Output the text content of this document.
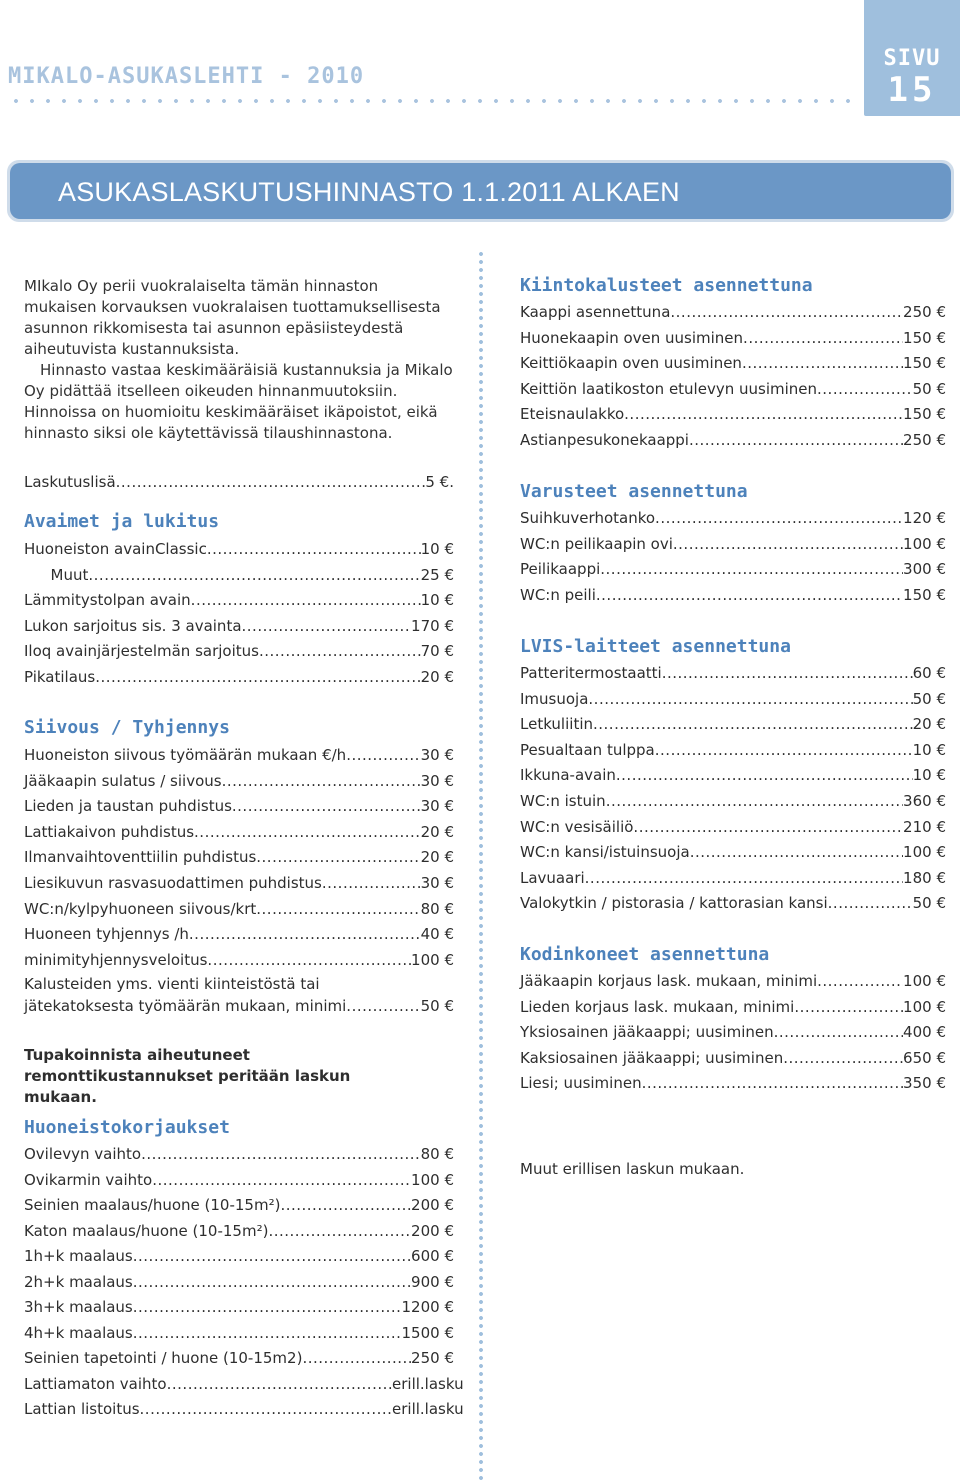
MIKALO-ASUKASLEHTI - 2010
SIVU
15
ASUKASLASKUTUSHINNASTO 1.1.2011 ALKAEN

MIkalo Oy perii vuokralaiselta tämän hinnaston mukaisen korvauksen vuokralaisen tuottamuksellisesta asunnon rikkomisesta tai asunnon epäsiisteydestä aiheutuvista kustannuksista.

Hinnasto vastaa keskimääräisiä kustannuksia ja Mikalo Oy pidättää itselleen oikeuden hinnanmuutoksiin. Hinnoissa on huomioitu keskimääräiset ikäpoistot, eikä hinnasto siksi ole käytettävissä tilaushinnastona.

Laskutuslisä .....	5 €.
Avaimet ja lukitus
Huoneiston avain Classic .....	10 €
Muut .....	25 €
Lämmitystolpan avain .....	10 €
Lukon sarjoitus sis. 3 avainta .....	170 €
Iloq avainjärjestelmän sarjoitus .....	70 €
Pikatilaus .....	20 €
Siivous / Tyhjennys
Huoneiston siivous työmäärän mukaan €/h .....	30 €
Jääkaapin sulatus / siivous .....	30 €
Lieden ja taustan puhdistus .....	30 €
Lattiakaivon puhdistus .....	20 €
Ilmanvaihtoventtiilin puhdistus .....	20 €
Liesikuvun rasvasuodattimen puhdistus .....	30 €
WC:n/kylpyhuoneen siivous/krt .....	80 €
Huoneen tyhjennys /h .....	40 €
minimityhjennysveloitus .....	100 €
Kalusteiden yms. vienti kiinteistöstä tai
jätekatoksesta työmäärän mukaan, minimi .....	50 €
Tupakoinnista aiheutuneet remonttikustannukset peritään laskun mukaan.
Huoneistokorjaukset
Ovilevyn vaihto .....	80 €
Ovikarmin vaihto .....	100 €
Seinien maalaus/huone (10-15m²) .....	200 €
Katon maalaus/huone (10-15m²) .....	200 €
1h+k maalaus .....	600 €
2h+k maalaus .....	900 €
3h+k maalaus .....	1200 €
4h+k maalaus .....	1500 €
Seinien tapetointi / huone (10-15m2) .....	250 €
Lattiamaton vaihto .....	erill.lasku
Lattian listoitus .....	erill.lasku
Kiintokalusteet asennettuna
Kaappi asennettuna .....	250 €
Huonekaapin oven uusiminen .....	150 €
Keittiökaapin oven uusiminen .....	150 €
Keittiön laatikoston etulevyn uusiminen .....	50 €
Eteisnaulakko .....	150 €
Astianpesukonekaappi .....	250 €
Varusteet asennettuna
Suihkuverhotanko .....	120 €
WC:n peilikaapin ovi .....	100 €
Peilikaappi .....	300 €
WC:n peili .....	150 €
LVIS-laitteet asennettuna
Patteritermostaatti .....	60 €
Imusuoja .....	50 €
Letkuliitin .....	20 €
Pesualtaan tulppa .....	10 €
Ikkuna-avain .....	10 €
WC:n istuin .....	360 €
WC:n vesisäiliö .....	210 €
WC:n kansi/istuinsuoja .....	100 €
Lavuaari .....	180 €
Valokytkin / pistorasia / kattorasian kansi .....	50 €
Kodinkoneet asennettuna
Jääkaapin korjaus lask. mukaan, minimi .....	100 €
Lieden korjaus lask. mukaan, minimi .....	100 €
Yksiosainen jääkaappi; uusiminen .....	400 €
Kaksiosainen jääkaappi; uusiminen .....	650 €
Liesi; uusiminen .....	350 €
Muut erillisen laskun mukaan.
